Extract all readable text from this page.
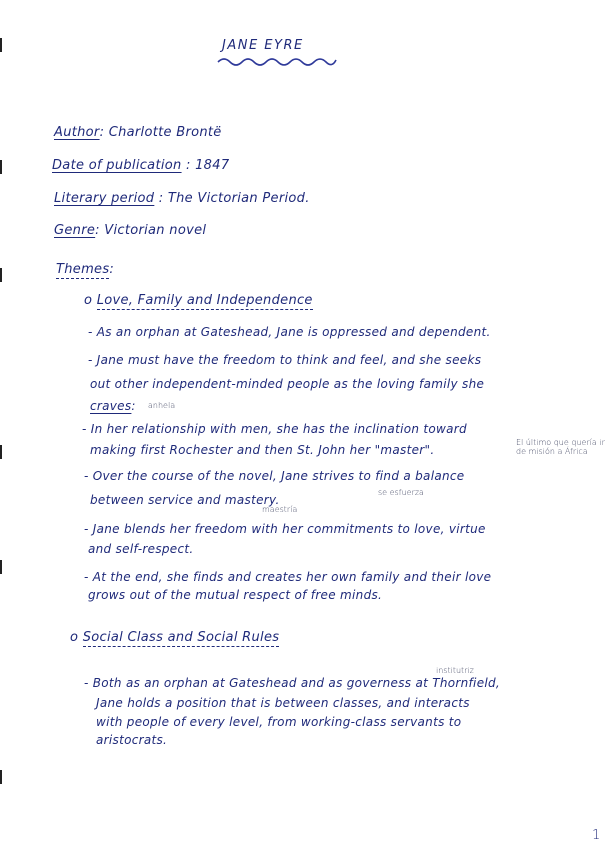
JANE EYRE
Author: Charlotte Brontë
Date of publication : 1847
Literary period : The Victorian Period.
Genre: Victorian novel
Themes:
o Love, Family and Independence
- As an orphan at Gateshead, Jane is oppressed and dependent.
- Jane must have the freedom to think and feel, and she seeks
out other independent-minded people as the loving family she
craves: anhela
- In her relationship with men, she has the inclination toward
making first Rochester and then St. John her "master".
El último que quería ir de misión a África
- Over the course of the novel, Jane strives to find a balance
se esfuerza
between service and mastery.
maestría
- Jane blends her freedom with her commitments to love, virtue
and self-respect.
- At the end, she finds and creates her own family and their love
grows out of the mutual respect of free minds.
o Social Class and Social Rules
institutriz
- Both as an orphan at Gateshead and as governess at Thornfield,
Jane holds a position that is between classes, and interacts
with people of every level, from working-class servants to
aristocrats.
1
